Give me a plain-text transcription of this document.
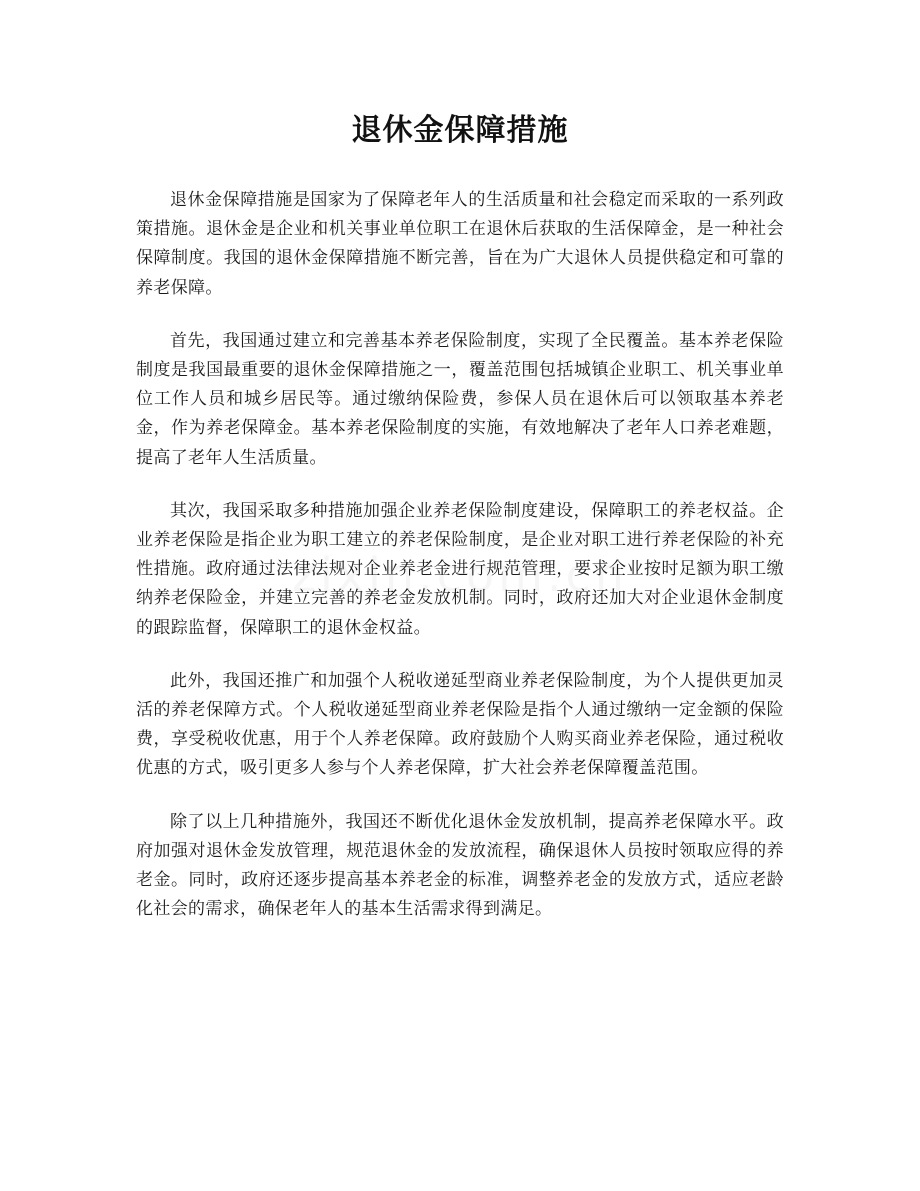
退休金保障措施

退休金保障措施是国家为了保障老年人的生活质量和社会稳定而采取的一系列政策措施。退休金是企业和机关事业单位职工在退休后获取的生活保障金，是一种社会保障制度。我国的退休金保障措施不断完善，旨在为广大退休人员提供稳定和可靠的养老保障。

首先，我国通过建立和完善基本养老保险制度，实现了全民覆盖。基本养老保险制度是我国最重要的退休金保障措施之一，覆盖范围包括城镇企业职工、机关事业单位工作人员和城乡居民等。通过缴纳保险费，参保人员在退休后可以领取基本养老金，作为养老保障金。基本养老保险制度的实施，有效地解决了老年人口养老难题，提高了老年人生活质量。

其次，我国采取多种措施加强企业养老保险制度建设，保障职工的养老权益。企业养老保险是指企业为职工建立的养老保险制度，是企业对职工进行养老保险的补充性措施。政府通过法律法规对企业养老金进行规范管理，要求企业按时足额为职工缴纳养老保险金，并建立完善的养老金发放机制。同时，政府还加大对企业退休金制度的跟踪监督，保障职工的退休金权益。

此外，我国还推广和加强个人税收递延型商业养老保险制度，为个人提供更加灵活的养老保障方式。个人税收递延型商业养老保险是指个人通过缴纳一定金额的保险费，享受税收优惠，用于个人养老保障。政府鼓励个人购买商业养老保险，通过税收优惠的方式，吸引更多人参与个人养老保障，扩大社会养老保障覆盖范围。

除了以上几种措施外，我国还不断优化退休金发放机制，提高养老保障水平。政府加强对退休金发放管理，规范退休金的发放流程，确保退休人员按时领取应得的养老金。同时，政府还逐步提高基本养老金的标准，调整养老金的发放方式，适应老龄化社会的需求，确保老年人的基本生活需求得到满足。
